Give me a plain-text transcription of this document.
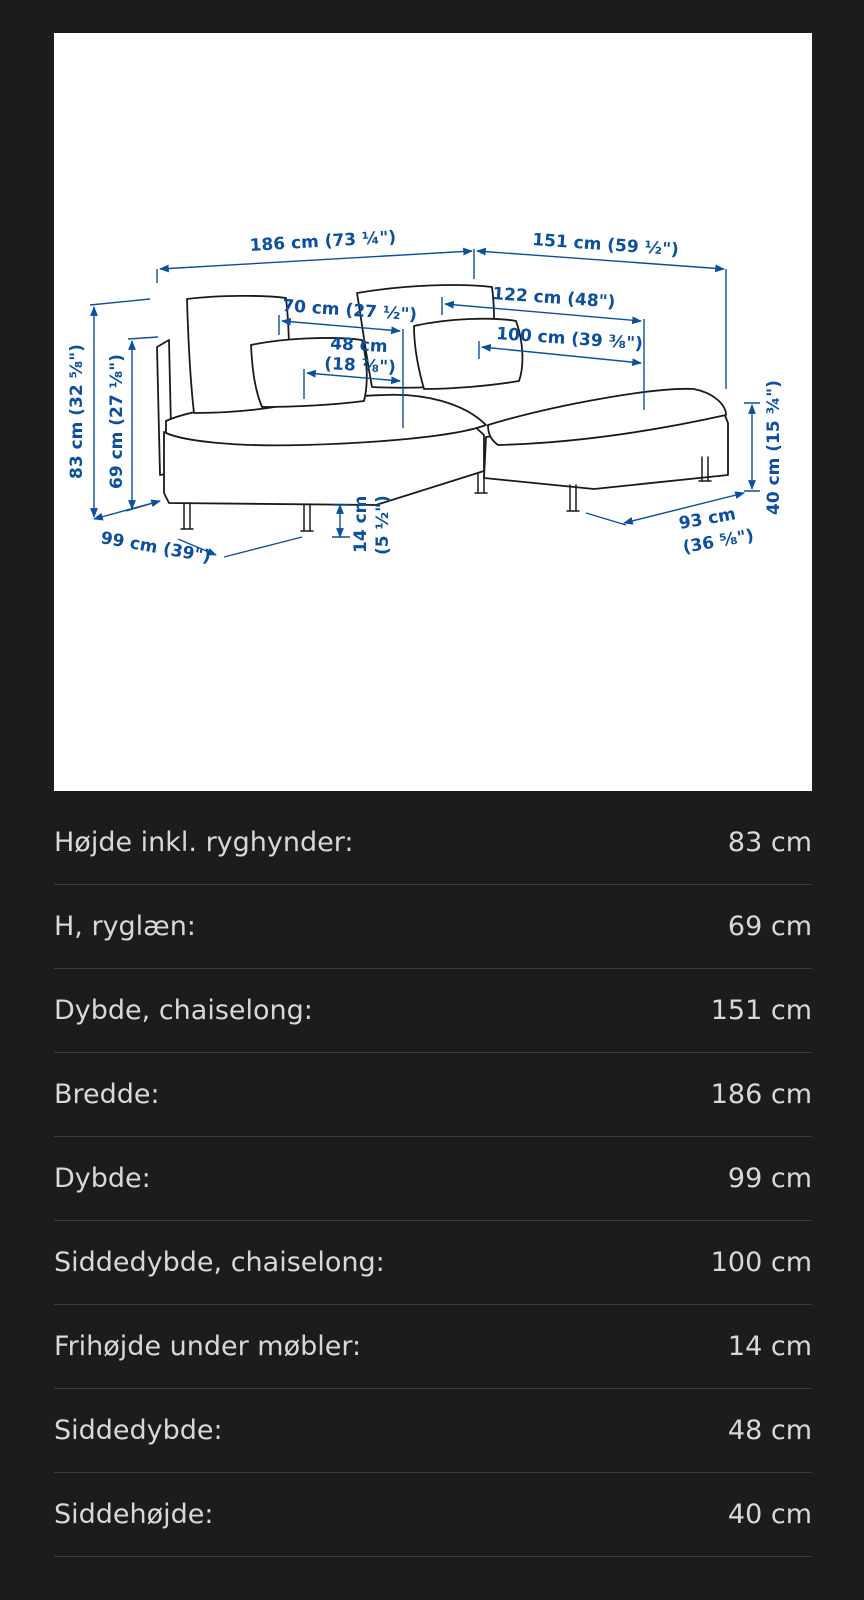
186 cm (73 ¼")	151 cm (59 ½")
70 cm (27 ½")	122 cm (48")
48 cm
(18 ⅞")
100 cm (39 ⅜")
83 cm (32 ⅝") 69 cm (27 ⅛")
99 cm (39")	14 cm (5 ½")	93 cm
(36 ⅝")
40 cm (15 ¾")
Højde inkl. ryghynder:	83 cm
H, ryglæn:	69 cm
Dybde, chaiselong:	151 cm
Bredde:	186 cm
Dybde:	99 cm
Siddedybde, chaiselong:	100 cm
Frihøjde under møbler:	14 cm
Siddedybde:	48 cm
Siddehøjde:	40 cm
